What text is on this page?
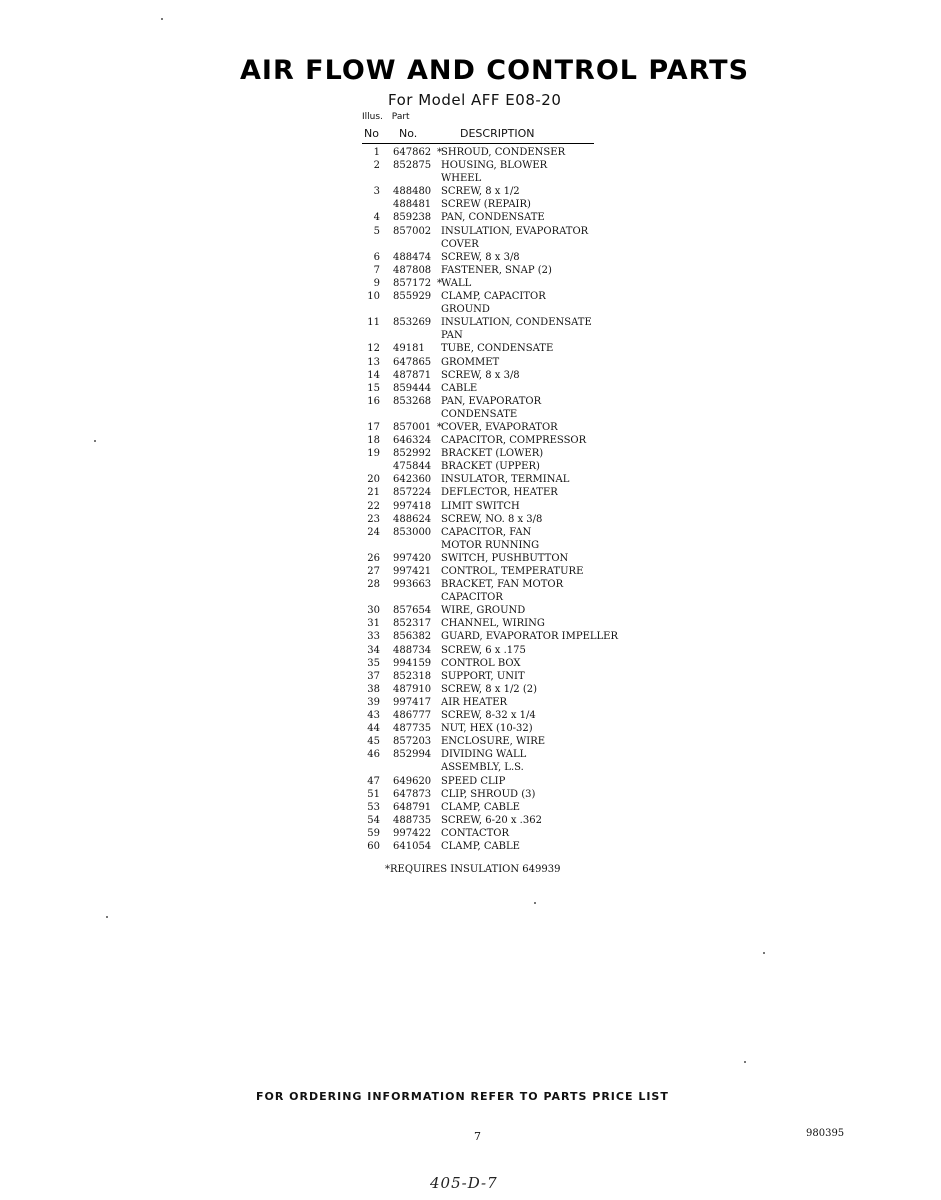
AIR FLOW AND CONTROL PARTS
For Model AFF E08-20
Illus. Part
No No.	DESCRIPTION
1 647862 * SHROUD, CONDENSER
2 852875 HOUSING, BLOWER
WHEEL
3 488480 SCREW, 8 x 1/2
488481 SCREW (REPAIR)
4 859238 PAN, CONDENSATE
5 857002 INSULATION, EVAPORATOR
COVER
6 488474 SCREW, 8 x 3/8
7 487808 FASTENER, SNAP (2)
9 857172 * WALL
10 855929 CLAMP, CAPACITOR
GROUND
11 853269 INSULATION, CONDENSATE
PAN
12 49181 TUBE, CONDENSATE
13 647865 GROMMET
14 487871 SCREW, 8 x 3/8
15 859444 CABLE
16 853268 PAN, EVAPORATOR
CONDENSATE
17 857001 * COVER, EVAPORATOR
18 646324 CAPACITOR, COMPRESSOR
19 852992 BRACKET (LOWER)
475844 BRACKET (UPPER)
20 642360 INSULATOR, TERMINAL
21 857224 DEFLECTOR, HEATER
22 997418 LIMIT SWITCH
23 488624 SCREW, NO. 8 x 3/8
24 853000 CAPACITOR, FAN
MOTOR RUNNING
26 997420 SWITCH, PUSHBUTTON
27 997421 CONTROL, TEMPERATURE
28 993663 BRACKET, FAN MOTOR
CAPACITOR
30 857654 WIRE, GROUND
31 852317 CHANNEL, WIRING
33 856382 GUARD, EVAPORATOR IMPELLER
34 488734 SCREW, 6 x .175
35 994159 CONTROL BOX
37 852318 SUPPORT, UNIT
38 487910 SCREW, 8 x 1/2 (2)
39 997417 AIR HEATER
43 486777 SCREW, 8-32 x 1/4
44 487735 NUT, HEX (10-32)
45 857203 ENCLOSURE, WIRE
46 852994 DIVIDING WALL
ASSEMBLY, L.S.
47 649620 SPEED CLIP
51 647873 CLIP, SHROUD (3)
53 648791 CLAMP, CABLE
54 488735 SCREW, 6-20 x .362
59 997422 CONTACTOR
60 641054 CLAMP, CABLE
*REQUIRES INSULATION 649939
FOR ORDERING INFORMATION REFER TO PARTS PRICE LIST
7	980395
405-D-7
